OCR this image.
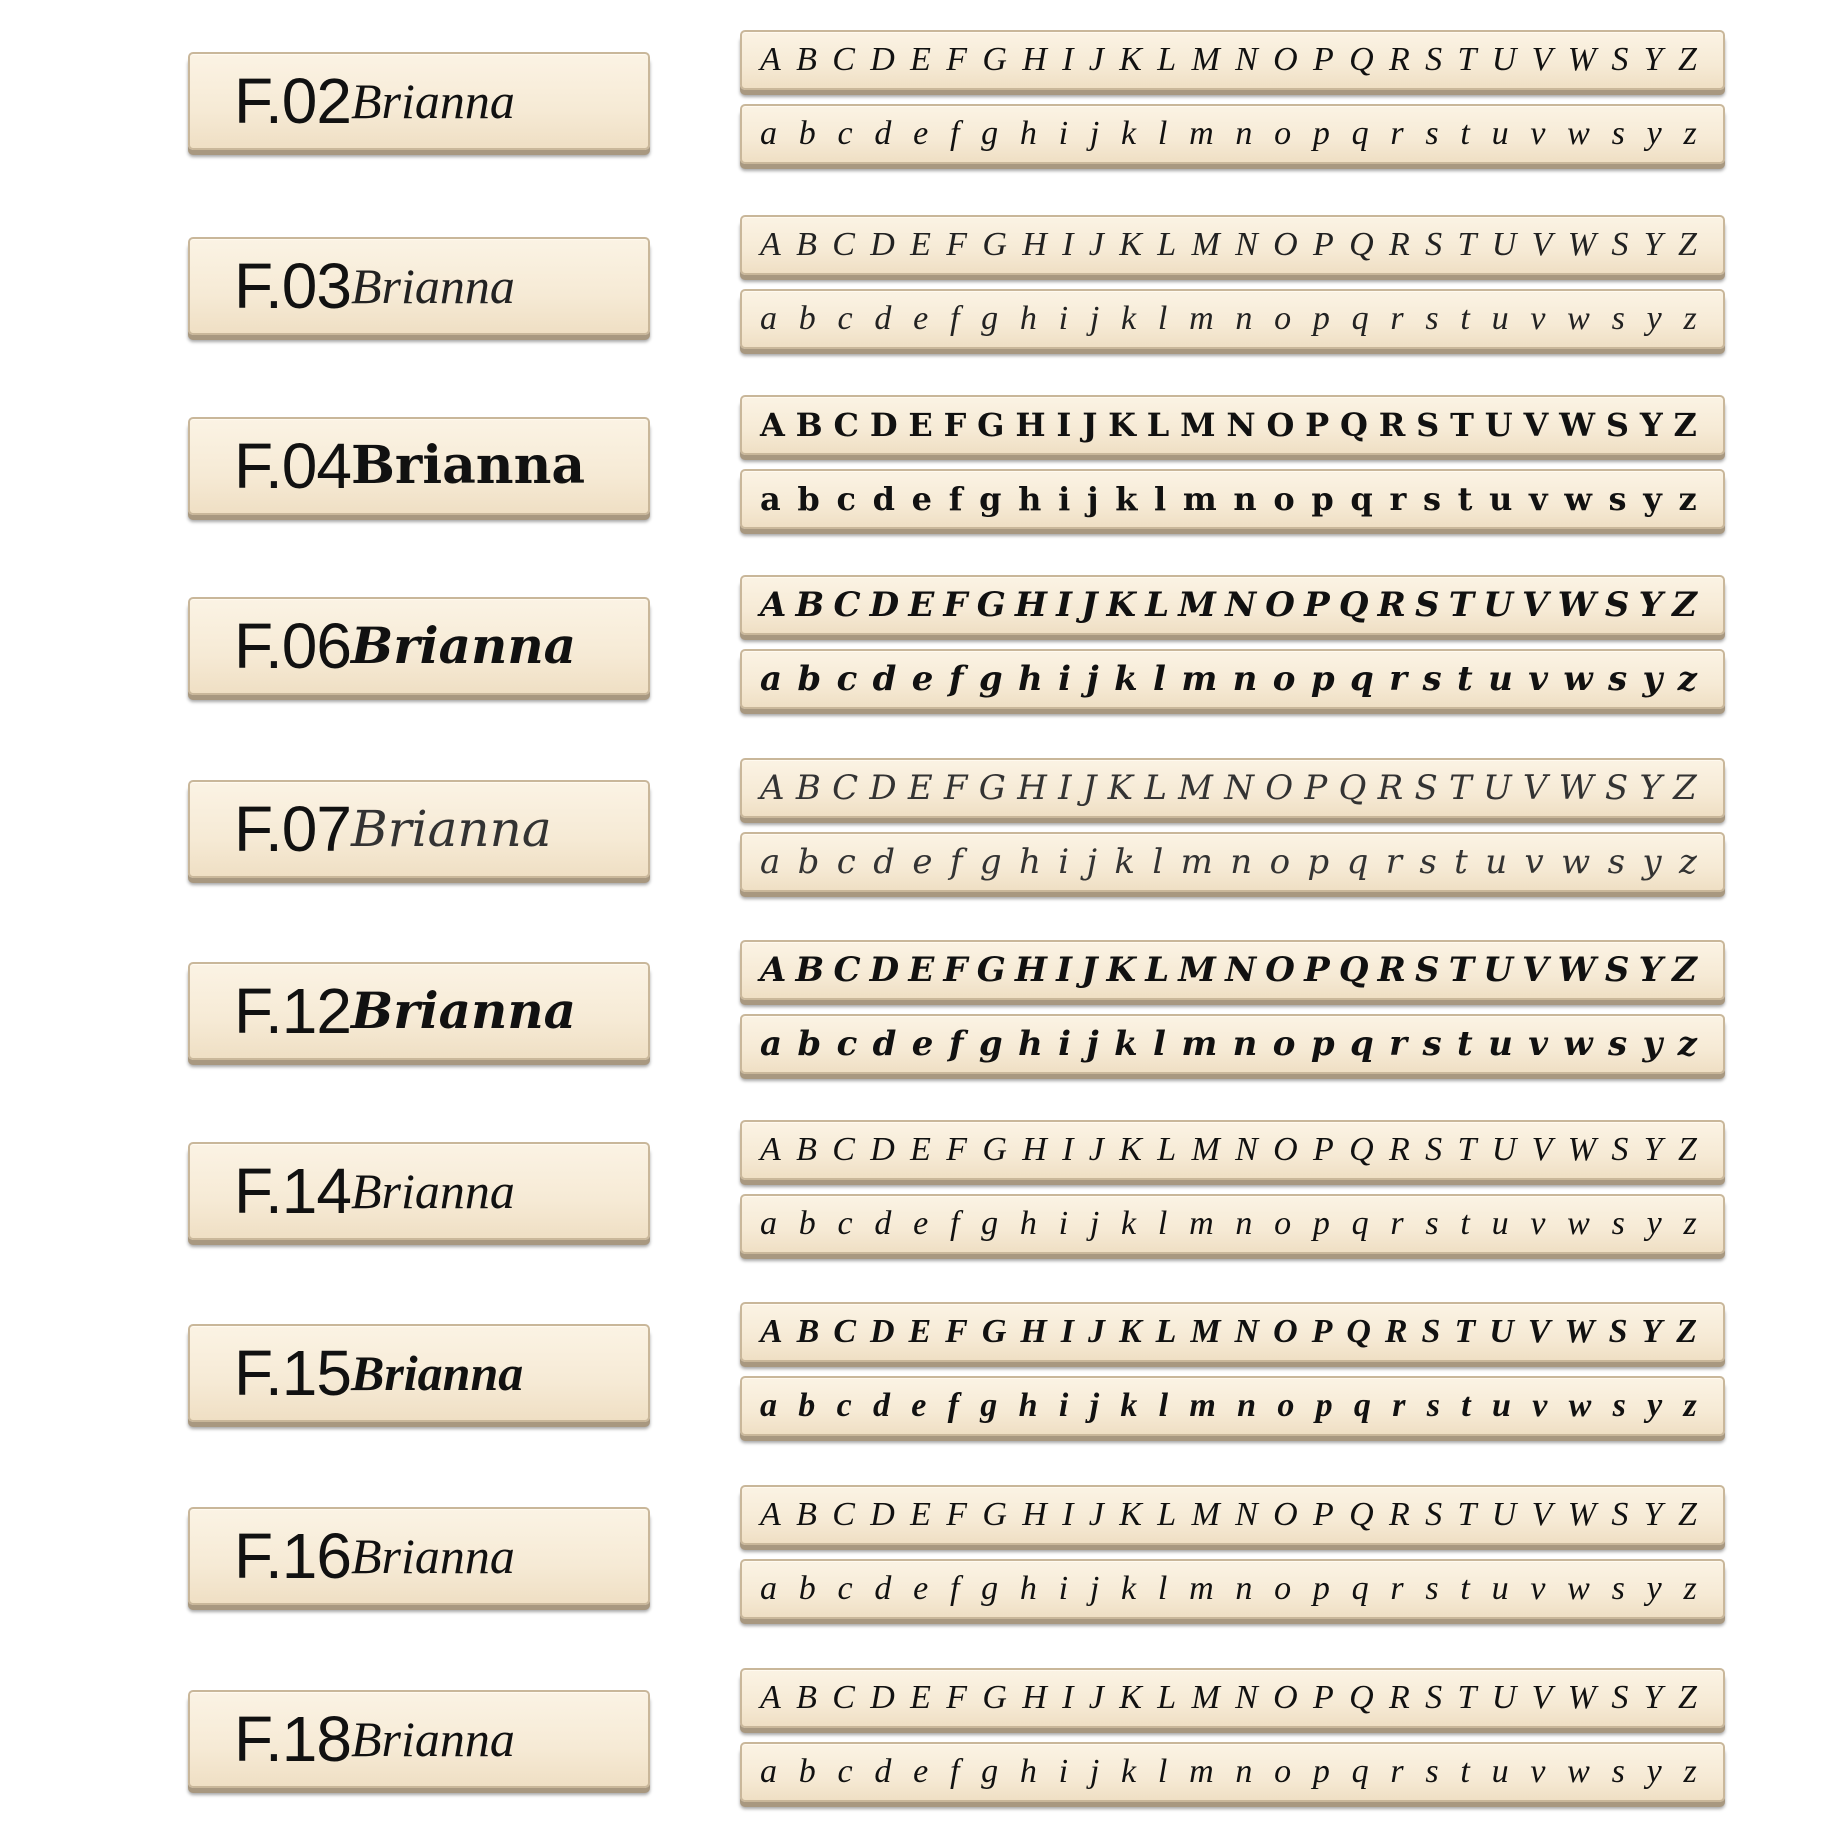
F.02 Brianna
A B C D E F G H I J K L M N O P Q R S T U V W S Y Z
a b c d e f g h i j k l m n o p q r s t u v w s y z
F.03 Brianna
A B C D E F G H I J K L M N O P Q R S T U V W S Y Z
a b c d e f g h i j k l m n o p q r s t u v w s y z
F.04 Brianna
A B C D E F G H I J K L M N O P Q R S T U V W S Y Z
a b c d e f g h i j k l m n o p q r s t u v w s y z
F.06 Brianna
A B C D E F G H I J K L M N O P Q R S T U V W S Y Z
a b c d e f g h i j k l m n o p q r s t u v w s y z
F.07 Brianna
A B C D E F G H I J K L M N O P Q R S T U V W S Y Z
a b c d e f g h i j k l m n o p q r s t u v w s y z
F.12 Brianna
A B C D E F G H I J K L M N O P Q R S T U V W S Y Z
a b c d e f g h i j k l m n o p q r s t u v w s y z
F.14 Brianna
A B C D E F G H I J K L M N O P Q R S T U V W S Y Z
a b c d e f g h i j k l m n o p q r s t u v w s y z
F.15 Brianna
A B C D E F G H I J K L M N O P Q R S T U V W S Y Z
a b c d e f g h i j k l m n o p q r s t u v w s y z
F.16 Brianna
A B C D E F G H I J K L M N O P Q R S T U V W S Y Z
a b c d e f g h i j k l m n o p q r s t u v w s y z
F.18 Brianna
A B C D E F G H I J K L M N O P Q R S T U V W S Y Z
a b c d e f g h i j k l m n o p q r s t u v w s y z
